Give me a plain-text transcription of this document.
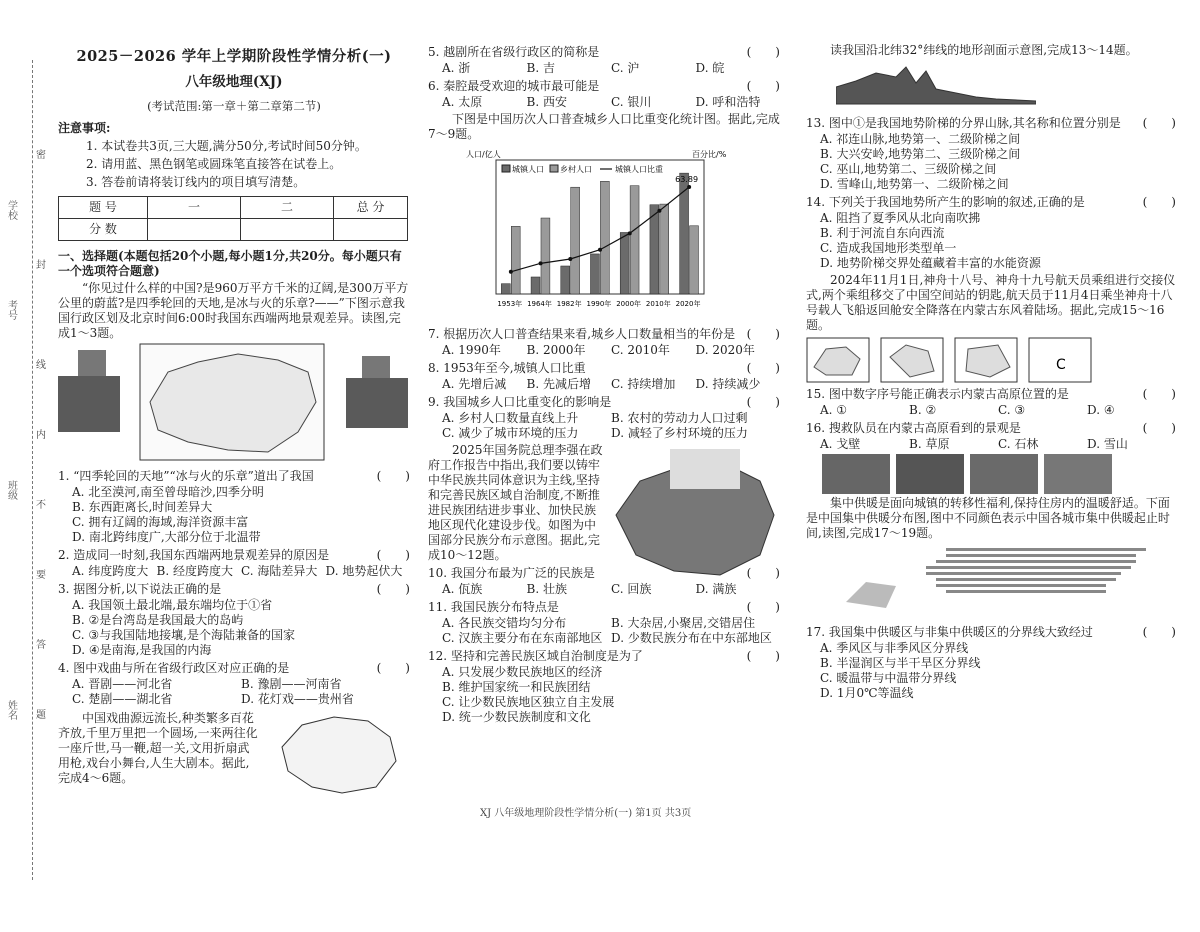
学校
考号
班级
姓名
密
封
线
内
不
要
答
题
2025－2026 学年上学期阶段性学情分析(一)
八年级地理(XJ)
(考试范围:第一章＋第二章第二节)
注意事项:
1. 本试卷共3页,三大题,满分50分,考试时间50分钟。
2. 请用蓝、黑色钢笔或圆珠笔直接答在试卷上。
3. 答卷前请将装订线内的项目填写清楚。
题 号	一	二	总 分
分 数			
一、选择题(本题包括20个小题,每小题1分,共20分。每小题只有一个选项符合题意)
“你见过什么样的中国?是960万平方千米的辽阔,是300万平方公里的蔚蓝?是四季轮回的天地,是冰与火的乐章?——”下图示意我国行政区划及北京时间6:00时我国东西端两地景观差异。读图,完成1～3题。
1. “四季轮回的天地”“冰与火的乐章”道出了我国	(　　)
A. 北至漠河,南至曾母暗沙,四季分明
B. 东西距离长,时间差异大
C. 拥有辽阔的海域,海洋资源丰富
D. 南北跨纬度广,大部分位于北温带
2. 造成同一时刻,我国东西端两地景观差异的原因是	(　　)
A. 纬度跨度大 B. 经度跨度大 C. 海陆差异大 D. 地势起伏大
3. 据图分析,以下说法正确的是	(　　)
A. 我国领土最北端,最东端均位于①省
B. ②是台湾岛是我国最大的岛屿
C. ③与我国陆地接壤,是个海陆兼备的国家
D. ④是南海,是我国的内海
4. 图中戏曲与所在省级行政区对应正确的是	(　　)
A. 晋剧——河北省	B. 豫剧——河南省
C. 楚剧——湖北省	D. 花灯戏——贵州省
中国戏曲源远流长,种类繁多百花齐放,千里万里把一个圆场,一来两往化一座斤世,马一鞭,超一关,文用折扇武用枪,戏台小舞台,人生大剧本。据此,完成4～6题。
5. 越剧所在省级行政区的简称是	(　　)
A. 浙	B. 吉	C. 沪	D. 皖
6. 秦腔最受欢迎的城市最可能是	(　　)
A. 太原	B. 西安	C. 银川	D. 呼和浩特
下图是中国历次人口普查城乡人口比重变化统计图。据此,完成7～9题。
人口/亿人	百分比/%
1953年 1964年 1982年 1990年 2000年 2010年 2020年
63.89
城镇人口 乡村人口	城镇人口比重
7. 根据历次人口普查结果来看,城乡人口数量相当的年份是 (　　)
A. 1990年	B. 2000年	C. 2010年	D. 2020年
8. 1953年至今,城镇人口比重	(　　)
A. 先增后减	B. 先减后增	C. 持续增加	D. 持续减少
9. 我国城乡人口比重变化的影响是	(　　)
A. 乡村人口数量直线上升	B. 农村的劳动力人口过剩
C. 减少了城市环境的压力	D. 减轻了乡村环境的压力
2025年国务院总理李强在政府工作报告中指出,我们要以铸牢中华民族共同体意识为主线,坚持和完善民族区域自治制度,不断推进民族团结进步事业、加快民族地区现代化建设步伐。如图为中国部分民族分布示意图。据此,完成10～12题。
10. 我国分布最为广泛的民族是	(　　)
A. 佤族	B. 壮族	C. 回族	D. 满族
11. 我国民族分布特点是	(　　)
A. 各民族交错均匀分布	B. 大杂居,小聚居,交错居住
C. 汉族主要分布在东南部地区 D. 少数民族分布在中东部地区
12. 坚持和完善民族区域自治制度是为了	(　　)
A. 只发展少数民族地区的经济
B. 维护国家统一和民族团结
C. 让少数民族地区独立自主发展
D. 统一少数民族制度和文化
读我国沿北纬32°纬线的地形剖面示意图,完成13～14题。
13. 图中①是我国地势阶梯的分界山脉,其名称和位置分别是 (　　)
A. 祁连山脉,地势第一、二级阶梯之间
B. 大兴安岭,地势第二、三级阶梯之间
C. 巫山,地势第二、三级阶梯之间
D. 雪峰山,地势第一、二级阶梯之间
14. 下列关于我国地势所产生的影响的叙述,正确的是	(　　)
A. 阻挡了夏季风从北向南吹拂
B. 利于河流自东向西流
C. 造成我国地形类型单一
D. 地势阶梯交界处蕴藏着丰富的水能资源
2024年11月1日,神舟十八号、神舟十九号航天员乘组进行交接仪式,两个乘组移交了中国空间站的钥匙,航天员于11月4日乘坐神舟十八号载人飞船返回舱安全降落在内蒙古东风着陆场。据此,完成15～16题。
C
15. 图中数字序号能正确表示内蒙古高原位置的是	(　　)
A. ①	B. ②	C. ③	D. ④
16. 搜救队员在内蒙古高原看到的景观是	(　　)
A. 戈壁	B. 草原	C. 石林	D. 雪山
集中供暖是面向城镇的转移性福利,保持住房内的温暖舒适。下面是中国集中供暖分布图,图中不同颜色表示中国各城市集中供暖起止时间,读图,完成17～19题。
17. 我国集中供暖区与非集中供暖区的分界线大致经过	(　　)
A. 季风区与非季风区分界线
B. 半湿润区与半干旱区分界线
C. 暖温带与中温带分界线
D. 1月0℃等温线
XJ 八年级地理阶段性学情分析(一) 第1页 共3页
